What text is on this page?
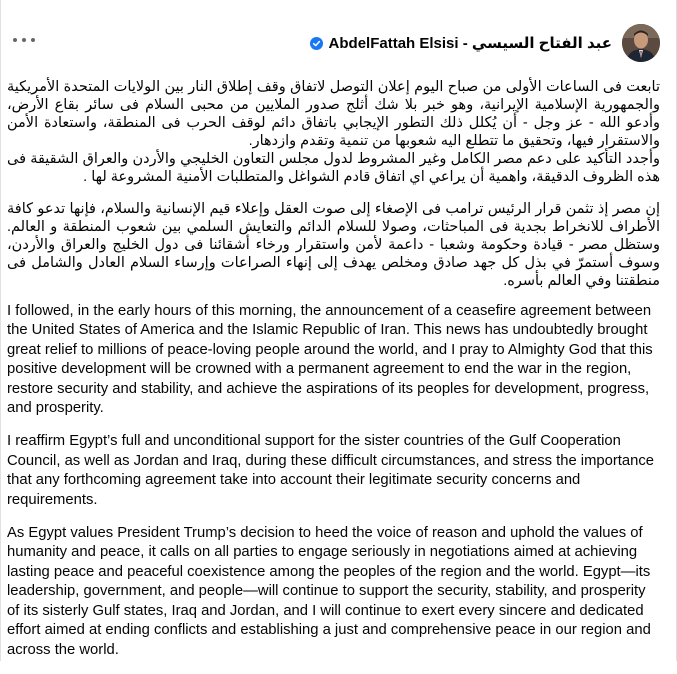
AbdelFattah Elsisi - عبد الفتاح السيسي

تابعت فى الساعات الأولى من صباح اليوم إعلان التوصل لاتفاق وقف إطلاق النار بين الولايات المتحدة الأمريكية والجمهورية الإسلامية الإيرانية، وهو خبر بلا شك أثلج صدور الملايين من محبى السلام فى سائر بقاع الأرض، وأدعو الله - عز وجل - أن يُكلل ذلك التطور الإيجابي باتفاق دائم لوقف الحرب فى المنطقة، واستعادة الأمن والاستقرار فيها، وتحقيق ما تتطلع اليه شعوبها من تنمية وتقدم وازدهار.

وأجدد التأكيد على دعم مصر الكامل وغير المشروط لدول مجلس التعاون الخليجي والأردن والعراق الشقيقة فى هذه الظروف الدقيقة، واهمية أن يراعي اي اتفاق قادم الشواغل والمتطلبات الأمنية المشروعة لها .

إن مصر إذ تثمن قرار الرئيس ترامب فى الإصغاء إلى صوت العقل وإعلاء قيم الإنسانية والسلام، فإنها تدعو كافة الأطراف للانخراط بجدية فى المباحثات، وصولا للسلام الدائم والتعايش السلمي بين شعوب المنطقة و العالم. وستظل مصر - قيادة وحكومة وشعبا - داعمة لأمن واستقرار ورخاء أشقائنا فى دول الخليج والعراق والأردن، وسوف أستمرّ في بذل كل جهد صادق ومخلص يهدف إلى إنهاء الصراعات وإرساء السلام العادل والشامل فى منطقتنا وفي العالم بأسره.

I followed, in the early hours of this morning, the announcement of a ceasefire agreement between the United States of America and the Islamic Republic of Iran. This news has undoubtedly brought great relief to millions of peace-loving people around the world, and I pray to Almighty God that this positive development will be crowned with a permanent agreement to end the war in the region, restore security and stability, and achieve the aspirations of its peoples for development, progress, and prosperity.

I reaffirm Egypt’s full and unconditional support for the sister countries of the Gulf Cooperation Council, as well as Jordan and Iraq, during these difficult circumstances, and stress the importance that any forthcoming agreement take into account their legitimate security concerns and requirements.

As Egypt values President Trump’s decision to heed the voice of reason and uphold the values of humanity and peace, it calls on all parties to engage seriously in negotiations aimed at achieving lasting peace and peaceful coexistence among the peoples of the region and the world. Egypt—its leadership, government, and people—will continue to support the security, stability, and prosperity of its sisterly Gulf states, Iraq and Jordan, and I will continue to exert every sincere and dedicated effort aimed at ending conflicts and establishing a just and comprehensive peace in our region and across the world.
